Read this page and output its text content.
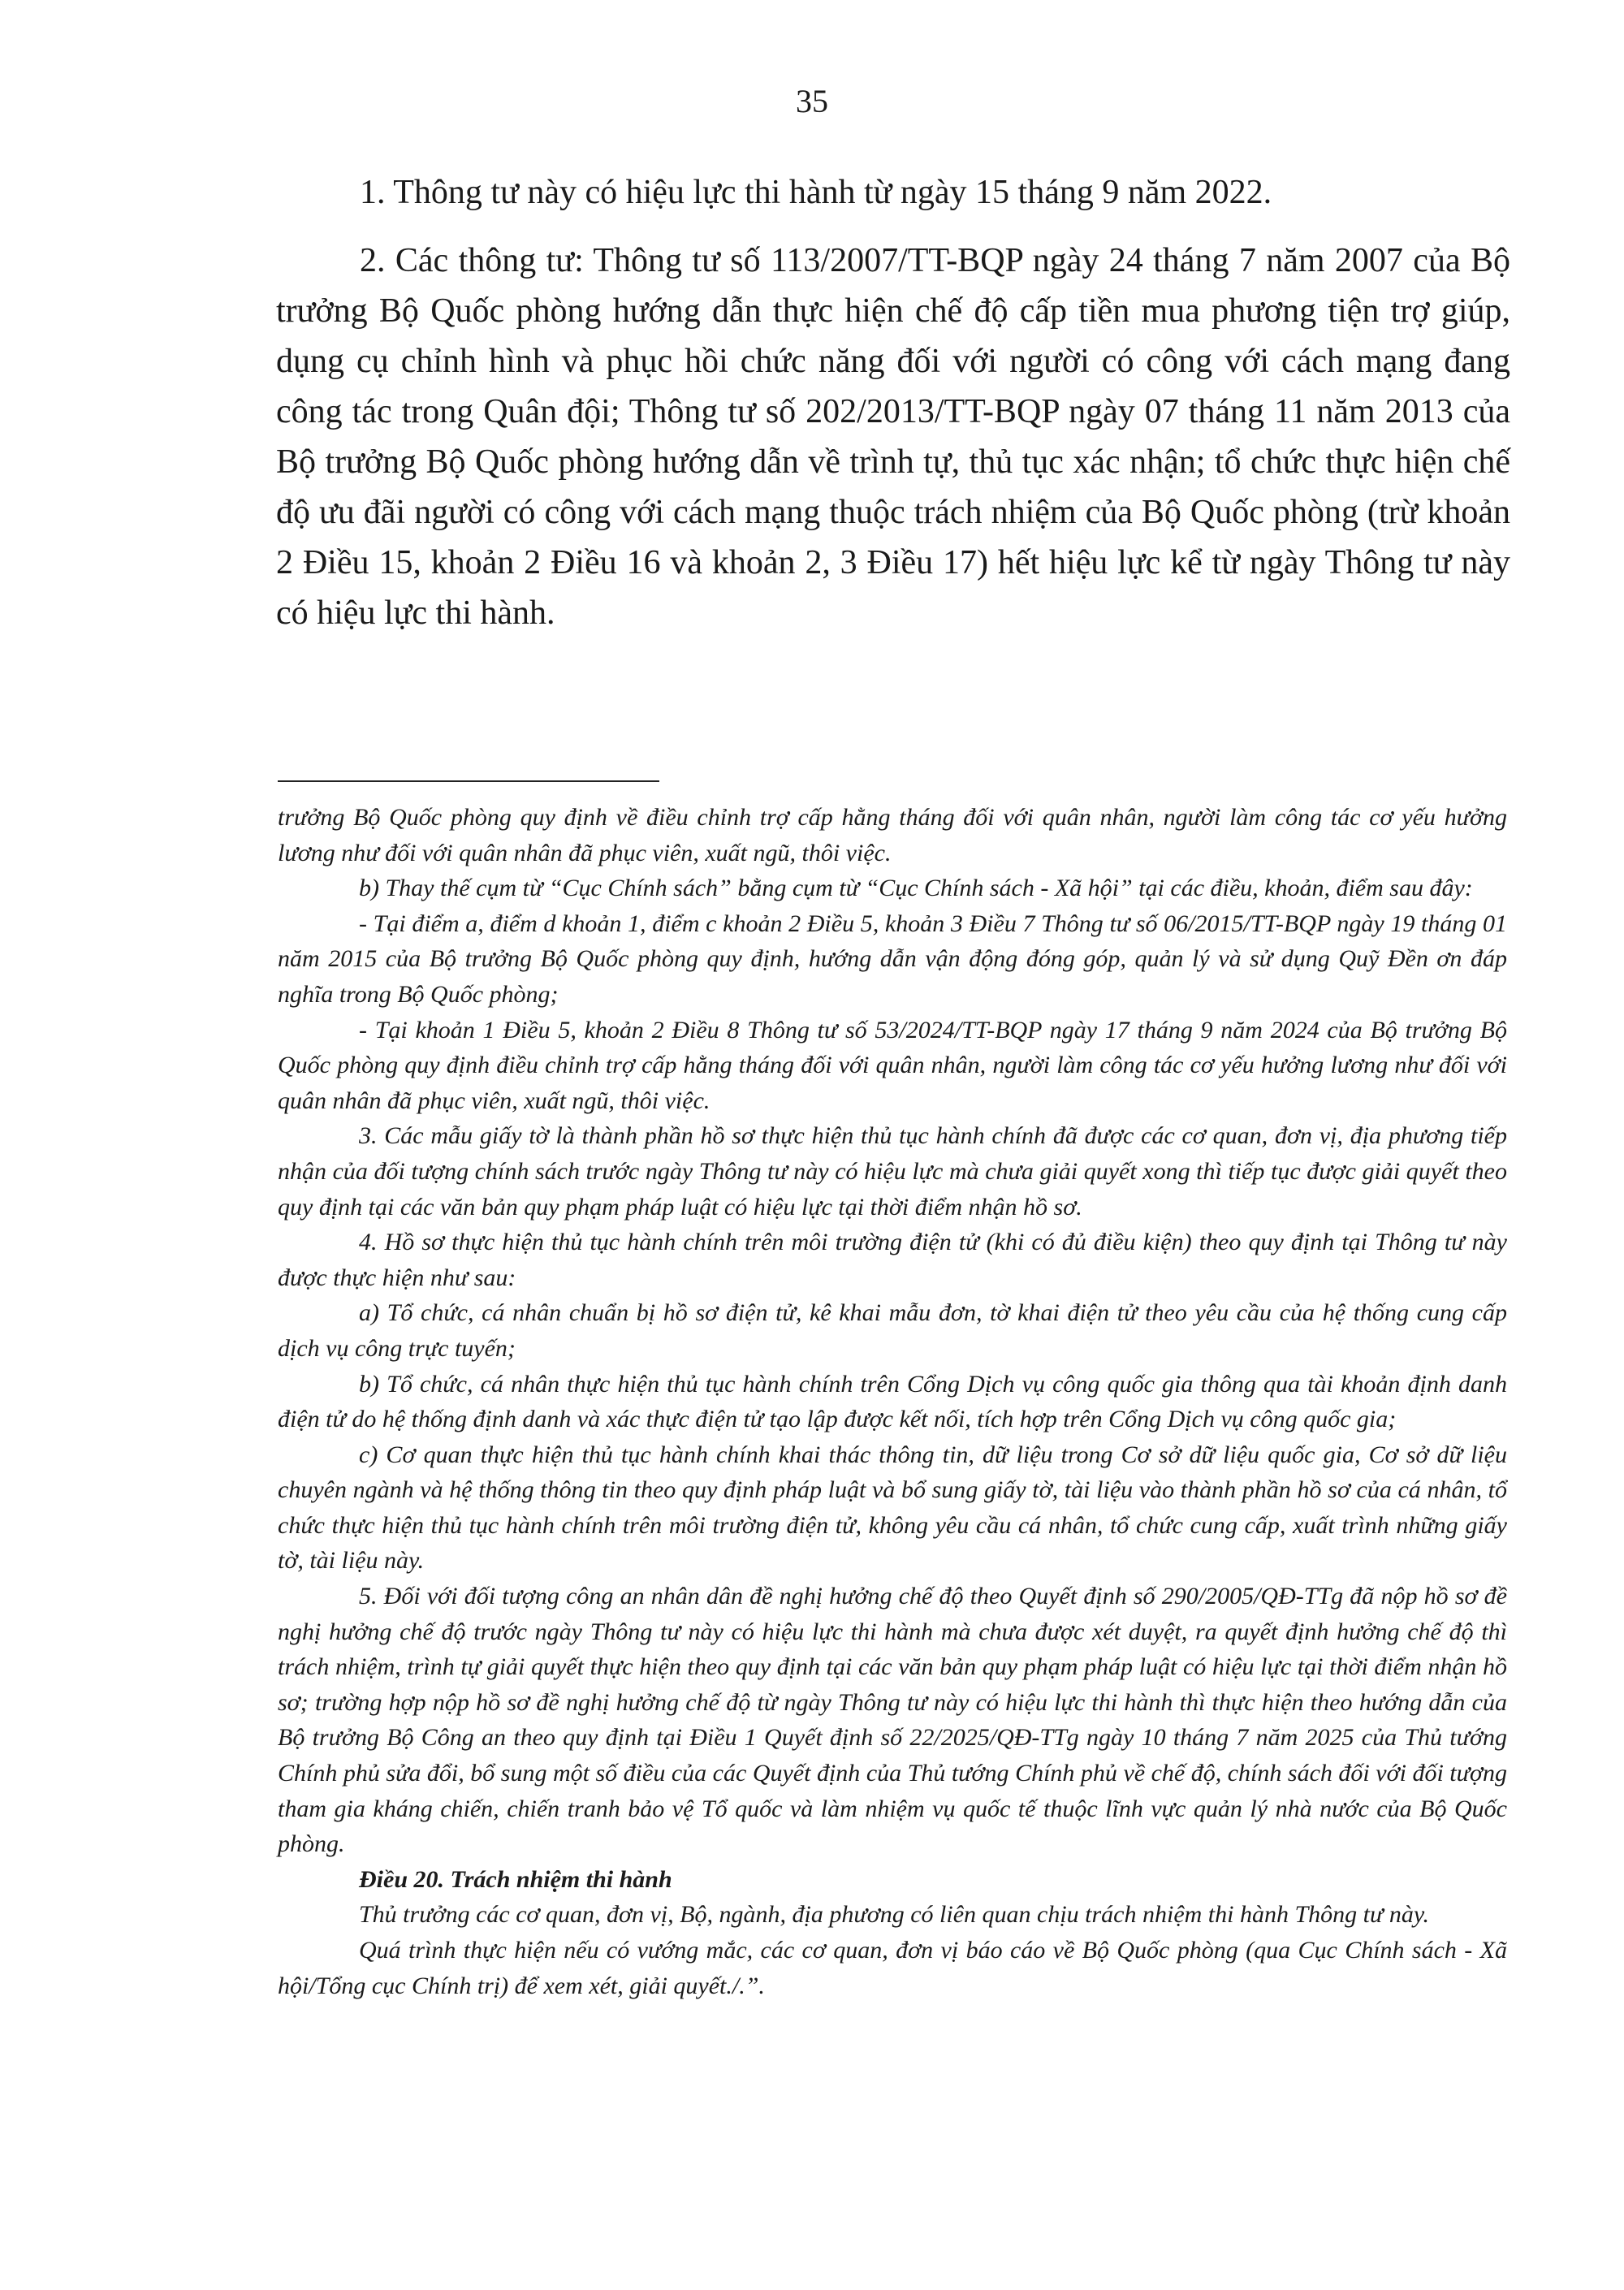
35

1. Thông tư này có hiệu lực thi hành từ ngày 15 tháng 9 năm 2022.

2. Các thông tư: Thông tư số 113/2007/TT-BQP ngày 24 tháng 7 năm 2007 của Bộ trưởng Bộ Quốc phòng hướng dẫn thực hiện chế độ cấp tiền mua phương tiện trợ giúp, dụng cụ chỉnh hình và phục hồi chức năng đối với người có công với cách mạng đang công tác trong Quân đội; Thông tư số 202/2013/TT-BQP ngày 07 tháng 11 năm 2013 của Bộ trưởng Bộ Quốc phòng hướng dẫn về trình tự, thủ tục xác nhận; tổ chức thực hiện chế độ ưu đãi người có công với cách mạng thuộc trách nhiệm của Bộ Quốc phòng (trừ khoản 2 Điều 15, khoản 2 Điều 16 và khoản 2, 3 Điều 17) hết hiệu lực kể từ ngày Thông tư này có hiệu lực thi hành.

trưởng Bộ Quốc phòng quy định về điều chỉnh trợ cấp hằng tháng đối với quân nhân, người làm công tác cơ yếu hưởng lương như đối với quân nhân đã phục viên, xuất ngũ, thôi việc.

b) Thay thế cụm từ “Cục Chính sách” bằng cụm từ “Cục Chính sách - Xã hội” tại các điều, khoản, điểm sau đây:

- Tại điểm a, điểm d khoản 1, điểm c khoản 2 Điều 5, khoản 3 Điều 7 Thông tư số 06/2015/TT-BQP ngày 19 tháng 01 năm 2015 của Bộ trưởng Bộ Quốc phòng quy định, hướng dẫn vận động đóng góp, quản lý và sử dụng Quỹ Đền ơn đáp nghĩa trong Bộ Quốc phòng;

- Tại khoản 1 Điều 5, khoản 2 Điều 8 Thông tư số 53/2024/TT-BQP ngày 17 tháng 9 năm 2024 của Bộ trưởng Bộ Quốc phòng quy định điều chỉnh trợ cấp hằng tháng đối với quân nhân, người làm công tác cơ yếu hưởng lương như đối với quân nhân đã phục viên, xuất ngũ, thôi việc.

3. Các mẫu giấy tờ là thành phần hồ sơ thực hiện thủ tục hành chính đã được các cơ quan, đơn vị, địa phương tiếp nhận của đối tượng chính sách trước ngày Thông tư này có hiệu lực mà chưa giải quyết xong thì tiếp tục được giải quyết theo quy định tại các văn bản quy phạm pháp luật có hiệu lực tại thời điểm nhận hồ sơ.

4. Hồ sơ thực hiện thủ tục hành chính trên môi trường điện tử (khi có đủ điều kiện) theo quy định tại Thông tư này được thực hiện như sau:

a) Tổ chức, cá nhân chuẩn bị hồ sơ điện tử, kê khai mẫu đơn, tờ khai điện tử theo yêu cầu của hệ thống cung cấp dịch vụ công trực tuyến;

b) Tổ chức, cá nhân thực hiện thủ tục hành chính trên Cổng Dịch vụ công quốc gia thông qua tài khoản định danh điện tử do hệ thống định danh và xác thực điện tử tạo lập được kết nối, tích hợp trên Cổng Dịch vụ công quốc gia;

c) Cơ quan thực hiện thủ tục hành chính khai thác thông tin, dữ liệu trong Cơ sở dữ liệu quốc gia, Cơ sở dữ liệu chuyên ngành và hệ thống thông tin theo quy định pháp luật và bổ sung giấy tờ, tài liệu vào thành phần hồ sơ của cá nhân, tổ chức thực hiện thủ tục hành chính trên môi trường điện tử, không yêu cầu cá nhân, tổ chức cung cấp, xuất trình những giấy tờ, tài liệu này.

5. Đối với đối tượng công an nhân dân đề nghị hưởng chế độ theo Quyết định số 290/2005/QĐ-TTg đã nộp hồ sơ đề nghị hưởng chế độ trước ngày Thông tư này có hiệu lực thi hành mà chưa được xét duyệt, ra quyết định hưởng chế độ thì trách nhiệm, trình tự giải quyết thực hiện theo quy định tại các văn bản quy phạm pháp luật có hiệu lực tại thời điểm nhận hồ sơ; trường hợp nộp hồ sơ đề nghị hưởng chế độ từ ngày Thông tư này có hiệu lực thi hành thì thực hiện theo hướng dẫn của Bộ trưởng Bộ Công an theo quy định tại Điều 1 Quyết định số 22/2025/QĐ-TTg ngày 10 tháng 7 năm 2025 của Thủ tướng Chính phủ sửa đổi, bổ sung một số điều của các Quyết định của Thủ tướng Chính phủ về chế độ, chính sách đối với đối tượng tham gia kháng chiến, chiến tranh bảo vệ Tổ quốc và làm nhiệm vụ quốc tế thuộc lĩnh vực quản lý nhà nước của Bộ Quốc phòng.

Điều 20. Trách nhiệm thi hành

Thủ trưởng các cơ quan, đơn vị, Bộ, ngành, địa phương có liên quan chịu trách nhiệm thi hành Thông tư này.

Quá trình thực hiện nếu có vướng mắc, các cơ quan, đơn vị báo cáo về Bộ Quốc phòng (qua Cục Chính sách - Xã hội/Tổng cục Chính trị) để xem xét, giải quyết./.”.
